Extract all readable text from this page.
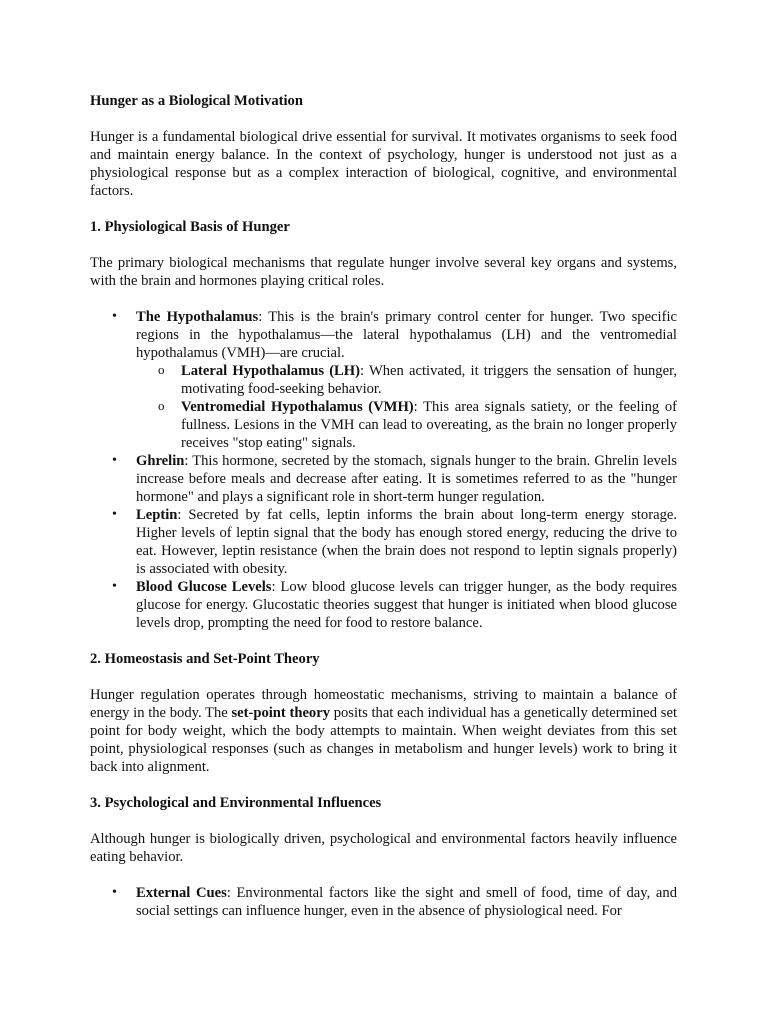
Hunger as a Biological Motivation

Hunger is a fundamental biological drive essential for survival. It motivates organisms to seek food and maintain energy balance. In the context of psychology, hunger is understood not just as a physiological response but as a complex interaction of biological, cognitive, and environmental factors.

1. Physiological Basis of Hunger

The primary biological mechanisms that regulate hunger involve several key organs and systems, with the brain and hormones playing critical roles.

• The Hypothalamus: This is the brain's primary control center for hunger. Two specific regions in the hypothalamus—the lateral hypothalamus (LH) and the ventromedial hypothalamus (VMH)—are crucial.
o Lateral Hypothalamus (LH): When activated, it triggers the sensation of hunger, motivating food-seeking behavior.
o Ventromedial Hypothalamus (VMH): This area signals satiety, or the feeling of fullness. Lesions in the VMH can lead to overeating, as the brain no longer properly receives "stop eating" signals.
• Ghrelin: This hormone, secreted by the stomach, signals hunger to the brain. Ghrelin levels increase before meals and decrease after eating. It is sometimes referred to as the "hunger hormone" and plays a significant role in short-term hunger regulation.
• Leptin: Secreted by fat cells, leptin informs the brain about long-term energy storage. Higher levels of leptin signal that the body has enough stored energy, reducing the drive to eat. However, leptin resistance (when the brain does not respond to leptin signals properly) is associated with obesity.
• Blood Glucose Levels: Low blood glucose levels can trigger hunger, as the body requires glucose for energy. Glucostatic theories suggest that hunger is initiated when blood glucose levels drop, prompting the need for food to restore balance.

2. Homeostasis and Set-Point Theory

Hunger regulation operates through homeostatic mechanisms, striving to maintain a balance of energy in the body. The set-point theory posits that each individual has a genetically determined set point for body weight, which the body attempts to maintain. When weight deviates from this set point, physiological responses (such as changes in metabolism and hunger levels) work to bring it back into alignment.

3. Psychological and Environmental Influences

Although hunger is biologically driven, psychological and environmental factors heavily influence eating behavior.

• External Cues: Environmental factors like the sight and smell of food, time of day, and social settings can influence hunger, even in the absence of physiological need. For
